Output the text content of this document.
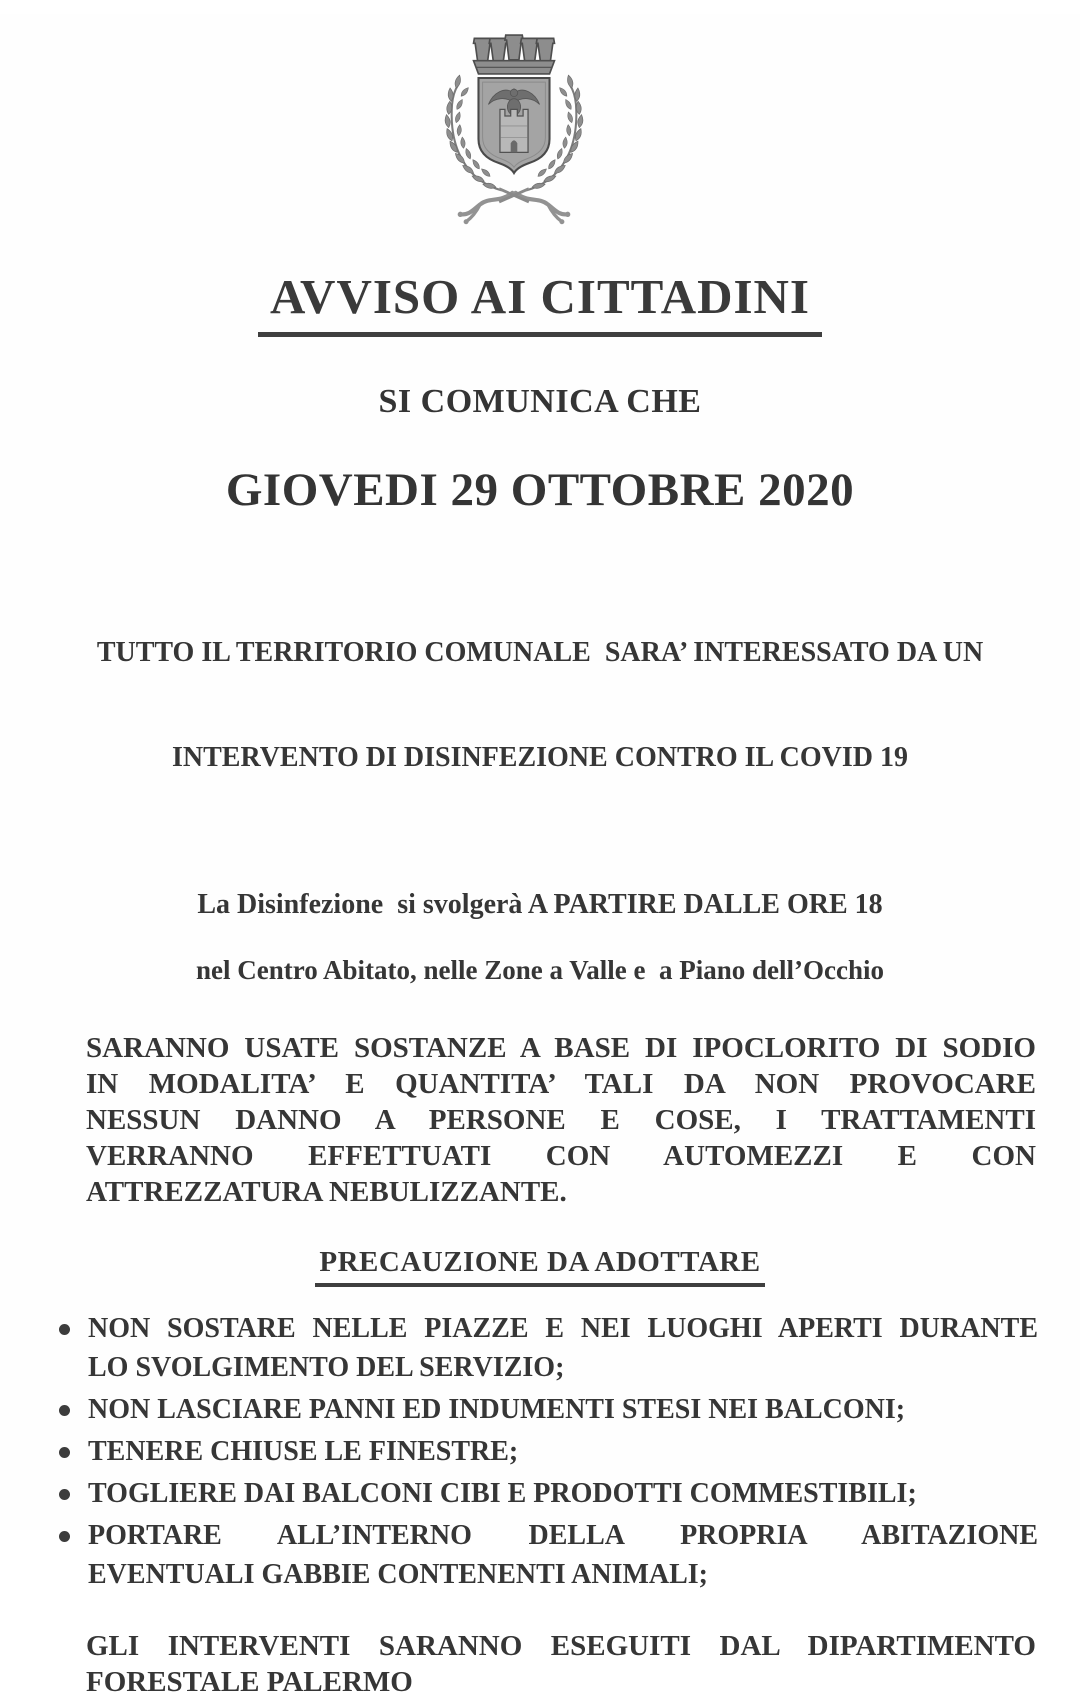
AVVISO AI CITTADINI
SI COMUNICA CHE
GIOVEDI 29 OTTOBRE 2020

TUTTO IL TERRITORIO COMUNALE  SARA’ INTERESSATO DA UN

INTERVENTO DI DISINFEZIONE CONTRO IL COVID 19

La Disinfezione  si svolgerà A PARTIRE DALLE ORE 18
nel Centro Abitato, nelle Zone a Valle e  a Piano dell’Occhio
SARANNO USATE SOSTANZE A BASE DI IPOCLORITO DI SODIO
IN MODALITA’ E QUANTITA’ TALI DA NON PROVOCARE
NESSUN DANNO A PERSONE E COSE, I TRATTAMENTI
VERRANNO EFFETTUATI CON AUTOMEZZI E CON
ATTREZZATURA NEBULIZZANTE.
PRECAUZIONE DA ADOTTARE
NON SOSTARE NELLE PIAZZE E NEI LUOGHI APERTI DURANTE
LO SVOLGIMENTO DEL SERVIZIO;
NON LASCIARE PANNI ED INDUMENTI STESI NEI BALCONI;
TENERE CHIUSE LE FINESTRE;
TOGLIERE DAI BALCONI CIBI E PRODOTTI COMMESTIBILI;
PORTARE ALL’INTERNO DELLA PROPRIA ABITAZIONE
EVENTUALI GABBIE CONTENENTI ANIMALI;
GLI INTERVENTI SARANNO ESEGUITI DAL DIPARTIMENTO
FORESTALE PALERMO
